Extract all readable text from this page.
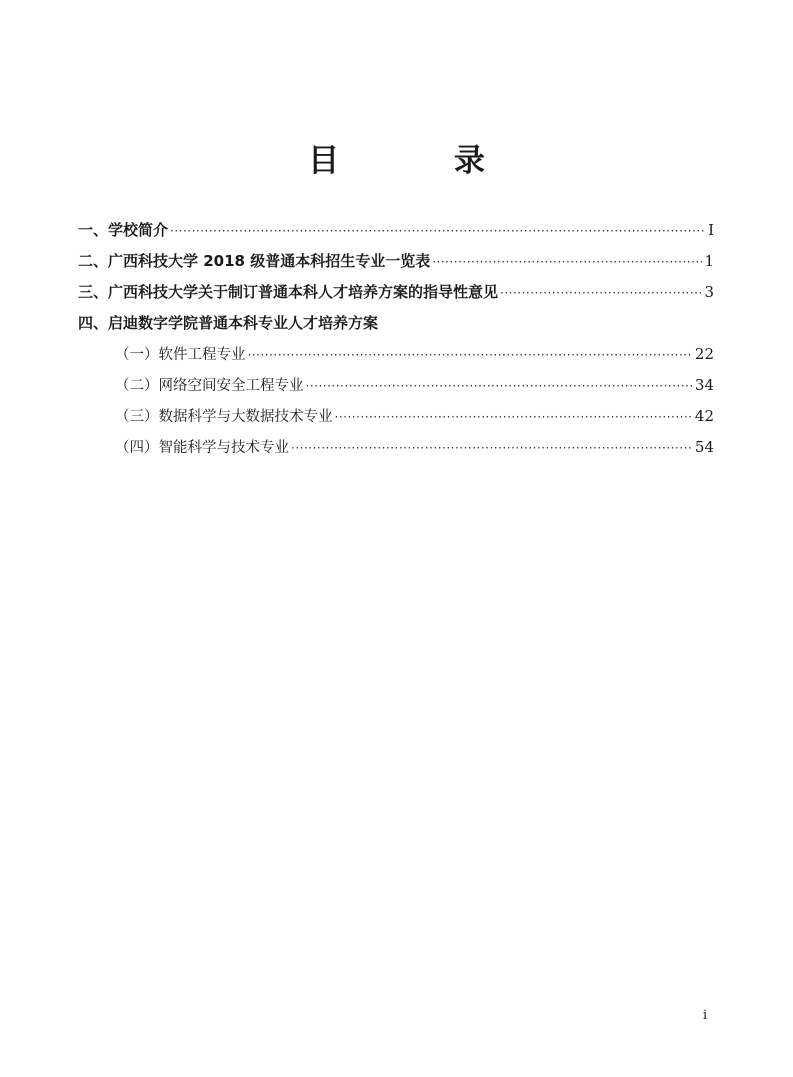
目 录
一、学校简介 ·····	I
二、广西科技大学 2018 级普通本科招生专业一览表 ·····	1
三、广西科技大学关于制订普通本科人才培养方案的指导性意见 ·····	3
四、启迪数字学院普通本科专业人才培养方案
（一）软件工程专业 ·····	22
（二）网络空间安全工程专业 ·····	34
（三）数据科学与大数据技术专业 ·····	42
（四）智能科学与技术专业 ·····	54
i
